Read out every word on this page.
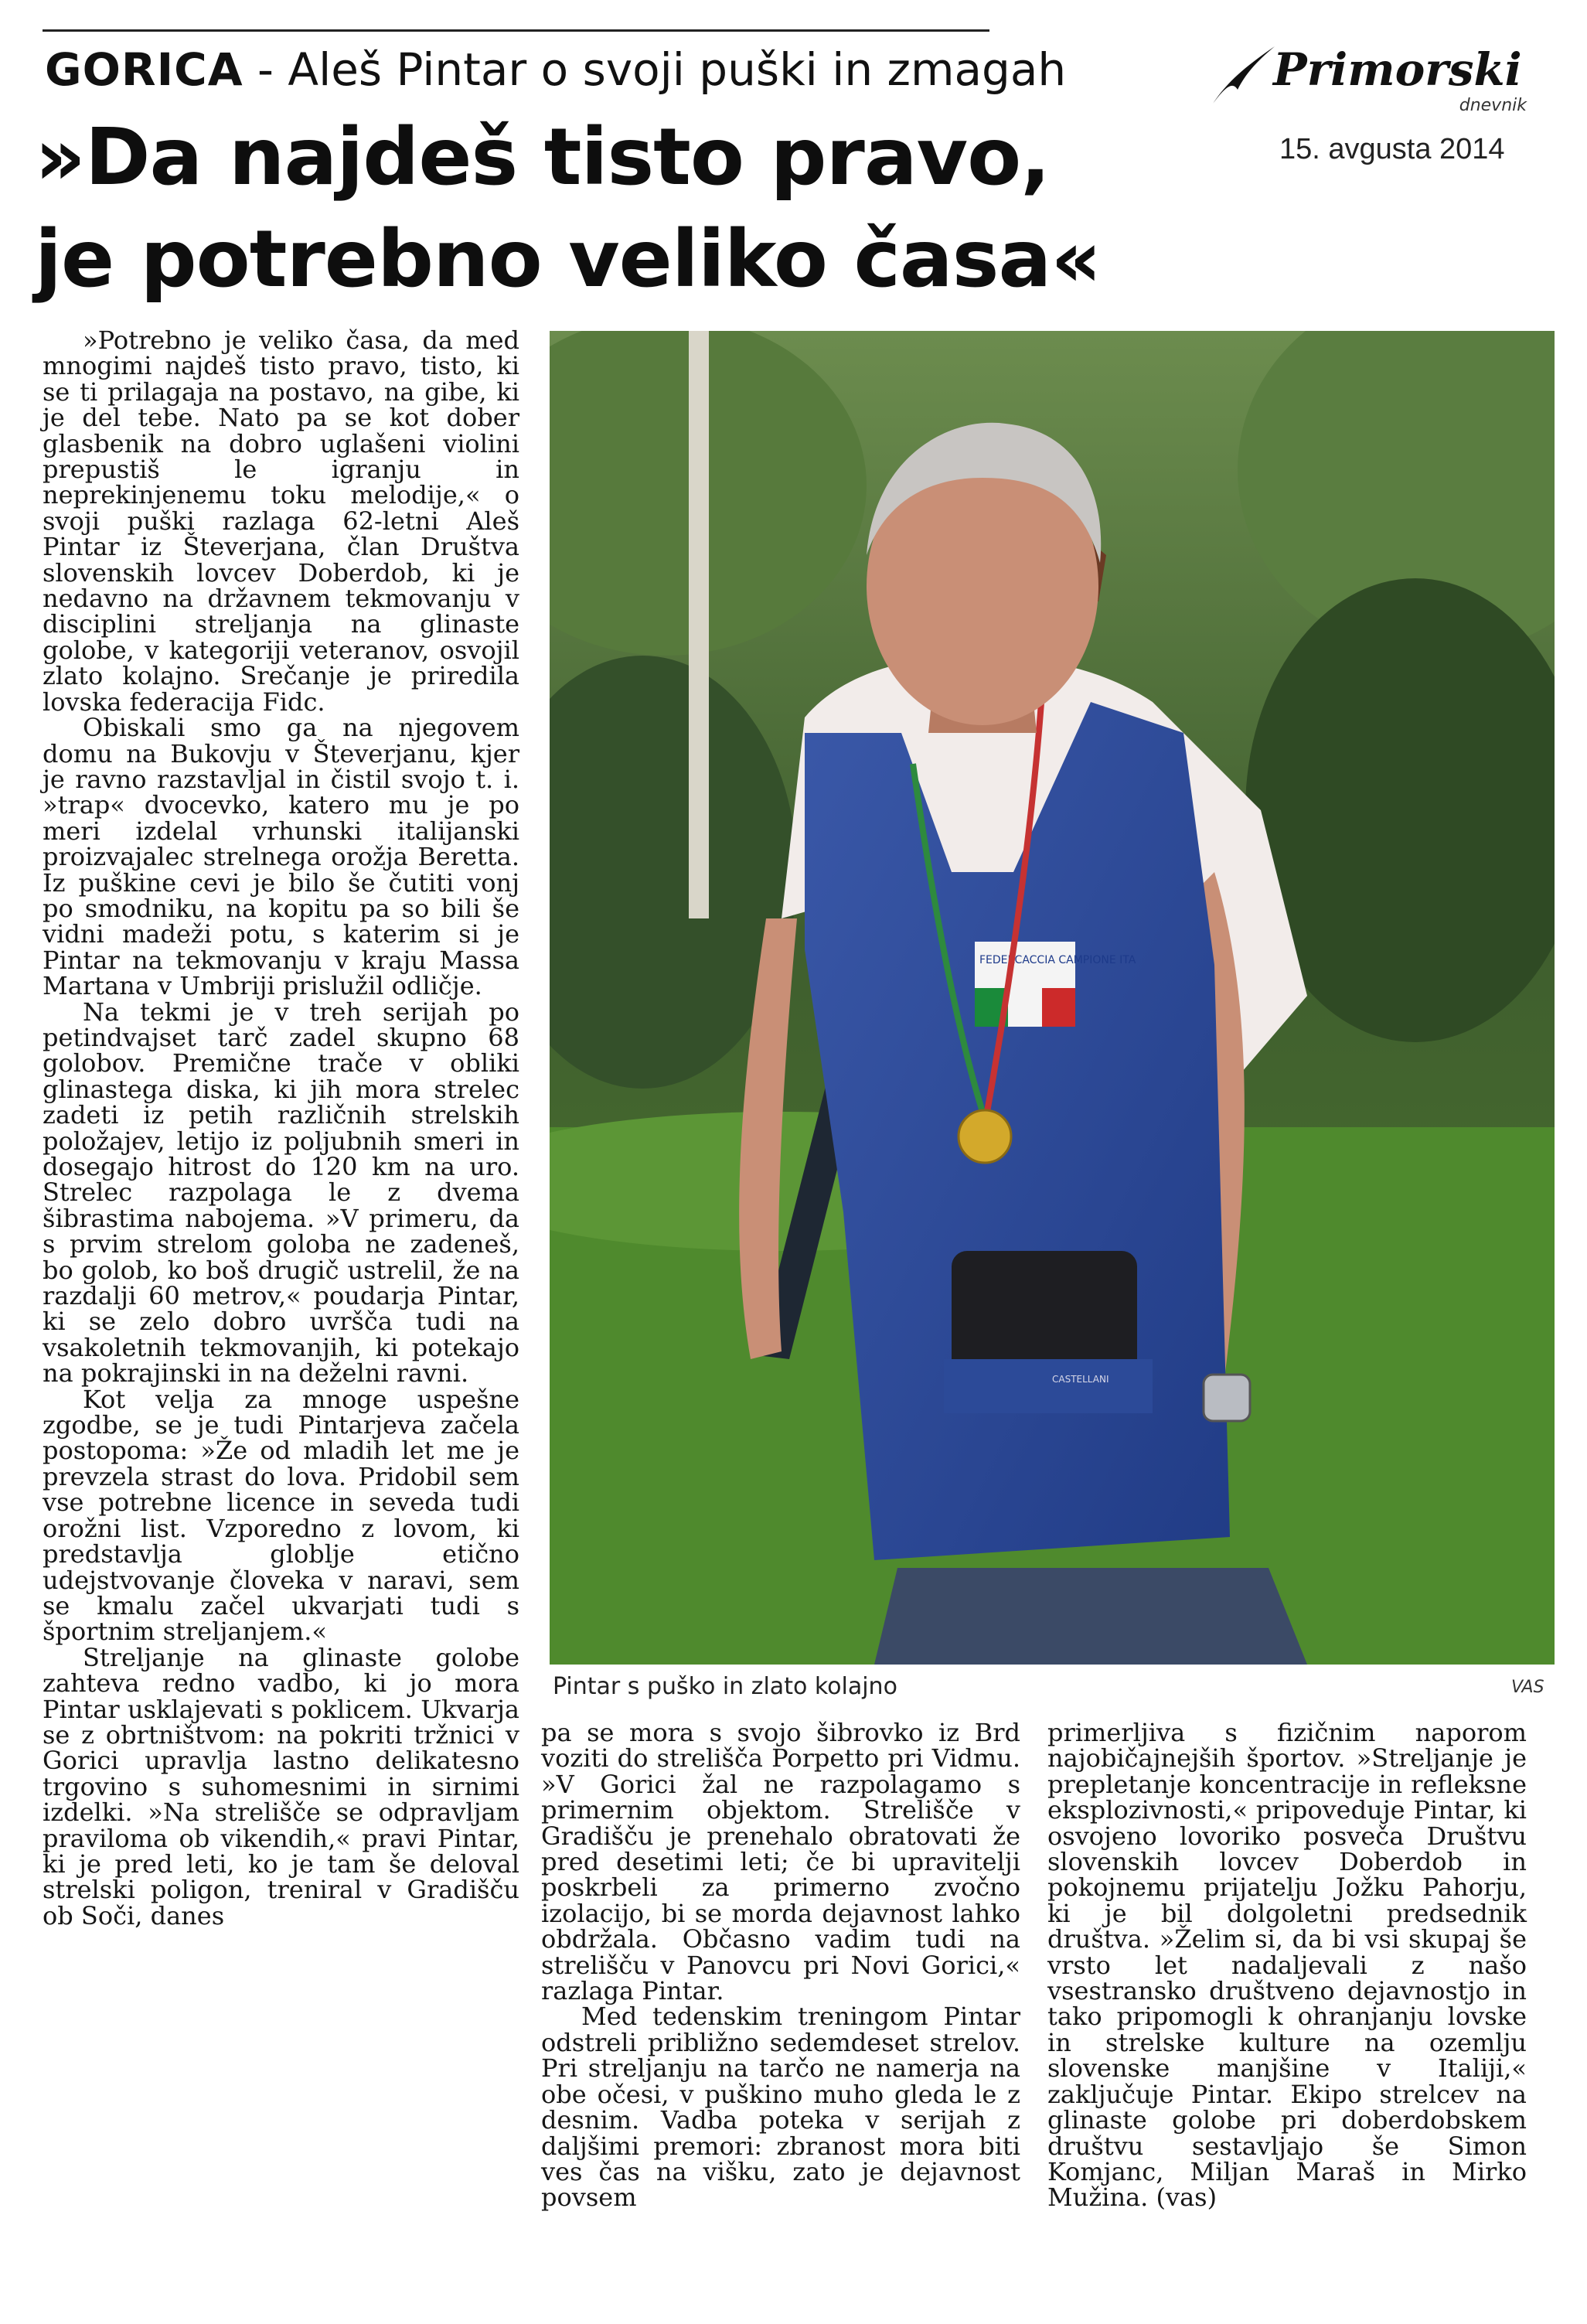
GORICA - Aleš Pintar o svoji puški in zmagah
»Da najdeš tisto pravo,
je potrebno veliko časa«
Primorski
dnevnik
15. avgusta 2014

»Potrebno je veliko časa, da med mnogimi najdeš tisto pravo, tisto, ki se ti prilagaja na postavo, na gibe, ki je del tebe. Nato pa se kot dober glasbenik na dobro uglašeni violini prepustiš le igranju in neprekinjenemu toku melodije,« o svoji puški razlaga 62-letni Aleš Pintar iz Števerjana, član Društva slovenskih lovcev Doberdob, ki je nedavno na državnem tekmovanju v disciplini streljanja na glinaste golobe, v kategoriji veteranov, osvojil zlato kolajno. Srečanje je priredila lovska federacija Fidc.

Obiskali smo ga na njegovem domu na Bukovju v Števerjanu, kjer je ravno razstavljal in čistil svojo t. i. »trap« dvocevko, katero mu je po meri izdelal vrhunski italijanski proizvajalec strelnega orožja Beretta. Iz puškine cevi je bilo še čutiti vonj po smodniku, na kopitu pa so bili še vidni madeži potu, s katerim si je Pintar na tekmovanju v kraju Massa Martana v Umbriji prislužil odličje.

Na tekmi je v treh serijah po petindvajset tarč zadel skupno 68 golobov. Premične trače v obliki glinastega diska, ki jih mora strelec zadeti iz petih različnih strelskih položajev, letijo iz poljubnih smeri in dosegajo hitrost do 120 km na uro. Strelec razpolaga le z dvema šibrastima nabojema. »V primeru, da s prvim strelom goloba ne zadeneš, bo golob, ko boš drugič ustrelil, že na razdalji 60 metrov,« poudarja Pintar, ki se zelo dobro uvršča tudi na vsakoletnih tekmovanjih, ki potekajo na pokrajinski in na deželni ravni.

Kot velja za mnoge uspešne zgodbe, se je tudi Pintarjeva začela postopoma: »Že od mladih let me je prevzela strast do lova. Pridobil sem vse potrebne licence in seveda tudi orožni list. Vzporedno z lovom, ki predstavlja globlje etično udejstvovanje človeka v naravi, sem se kmalu začel ukvarjati tudi s športnim streljanjem.«

Streljanje na glinaste golobe zahteva redno vadbo, ki jo mora Pintar usklajevati s poklicem. Ukvarja se z obrtništvom: na pokriti tržnici v Gorici upravlja lastno delikatesno trgovino s suhomesnimi in sirnimi izdelki. »Na strelišče se odpravljam praviloma ob vikendih,« pravi Pintar, ki je pred leti, ko je tam še deloval strelski poligon, treniral v Gradišču ob Soči, danes

FEDERCACCIA CAMPIONE ITA
CASTELLANI
Pintar s puško in zlato kolajno	VAS

pa se mora s svojo šibrovko iz Brd voziti do strelišča Porpetto pri Vidmu. »V Gorici žal ne razpolagamo s primernim objektom. Strelišče v Gradišču je prenehalo obratovati že pred desetimi leti; če bi upravitelji poskrbeli za primerno zvočno izolacijo, bi se morda dejavnost lahko obdržala. Občasno vadim tudi na strelišču v Panovcu pri Novi Gorici,« razlaga Pintar.

Med tedenskim treningom Pintar odstreli približno sedemdeset strelov. Pri streljanju na tarčo ne namerja na obe očesi, v puškino muho gleda le z desnim. Vadba poteka v serijah z daljšimi premori: zbranost mora biti ves čas na višku, zato je dejavnost povsem

primerljiva s fizičnim naporom najobičajnejših športov. »Streljanje je prepletanje koncentracije in refleksne eksplozivnosti,« pripoveduje Pintar, ki osvojeno lovoriko posveča Društvu slovenskih lovcev Doberdob in pokojnemu prijatelju Jožku Pahorju, ki je bil dolgoletni predsednik društva. »Želim si, da bi vsi skupaj še vrsto let nadaljevali z našo vsestransko društveno dejavnostjo in tako pripomogli k ohranjanju lovske in strelske kulture na ozemlju slovenske manjšine v Italiji,« zaključuje Pintar. Ekipo strelcev na glinaste golobe pri doberdobskem društvu sestavljajo še Simon Komjanc, Miljan Maraš in Mirko Mužina. (vas)
